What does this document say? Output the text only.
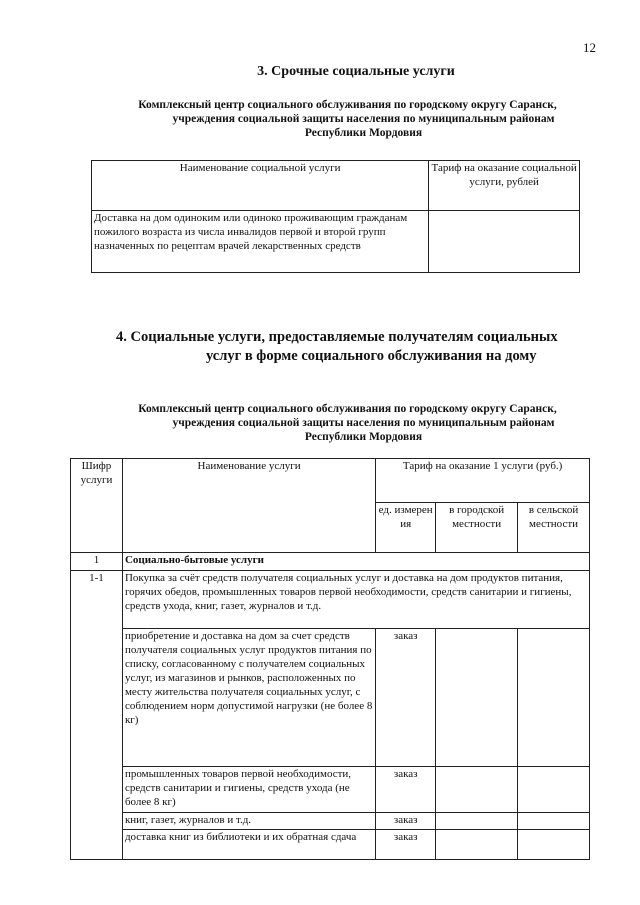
12
3. Срочные социальные услуги
Комплексный центр социального обслуживания по городскому округу Саранск,
учреждения социальной защиты населения по муниципальным районам
Республики Мордовия
Наименование социальной услуги	Тариф на оказание социальной услуги, рублей
Доставка на дом одиноким или одиноко проживающим гражданам пожилого возраста из числа инвалидов первой и второй групп назначенных по рецептам врачей лекарственных средств	
4. Социальные услуги, предоставляемые получателям социальных
услуг в форме социального обслуживания на дому
Комплексный центр социального обслуживания по городскому округу Саранск,
учреждения социальной защиты населения по муниципальным районам
Республики Мордовия
Шифр услуги	Наименование услуги	Тариф на оказание 1 услуги (руб.)		
		ед. измерен ия	в городской местности	в сельской местности
1	Социально-бытовые услуги			
1-1	Покупка за счёт средств получателя социальных услуг и доставка на дом продуктов питания, горячих обедов, промышленных товаров первой необходимости, средств санитарии и гигиены, средств ухода, книг, газет, журналов и т.д.			
	приобретение и доставка на дом за счет средств получателя социальных услуг продуктов питания по списку, согласованному с получателем социальных услуг, из магазинов и рынков, расположенных по месту жительства получателя социальных услуг, с соблюдением норм допустимой нагрузки (не более 8 кг)	заказ		
	промышленных товаров первой необходимости, средств санитарии и гигиены, средств ухода (не более 8 кг)	заказ		
	книг, газет, журналов и т.д.	заказ		
	доставка книг из библиотеки и их обратная сдача	заказ		
